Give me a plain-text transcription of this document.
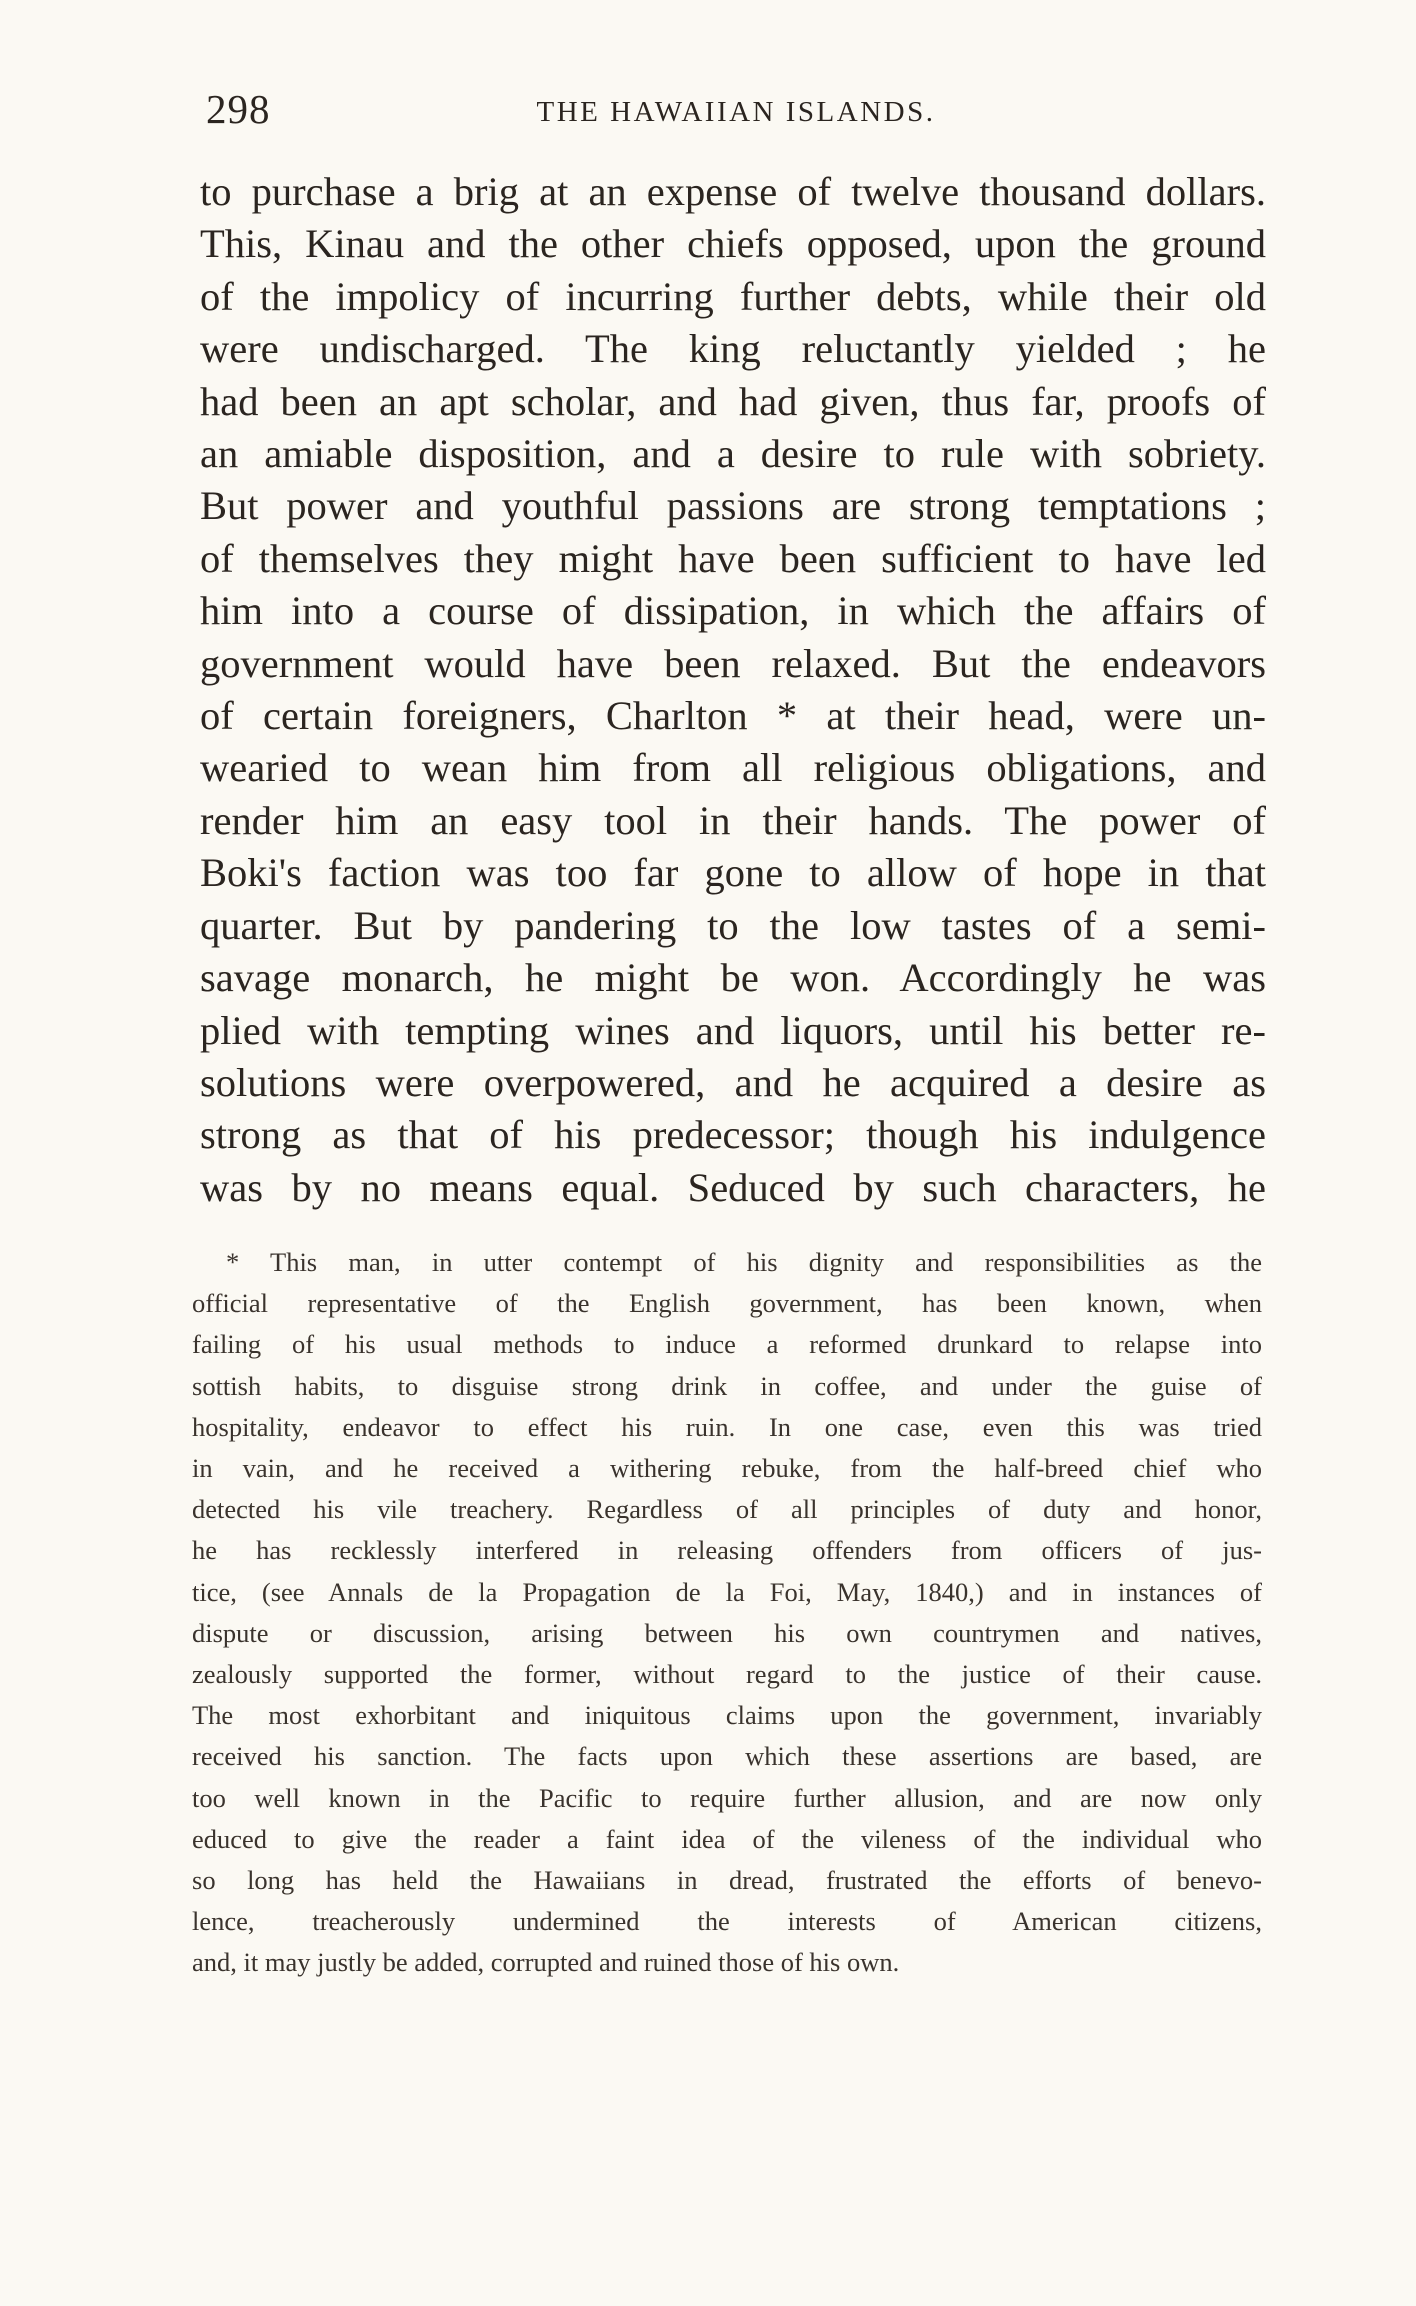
298	THE HAWAIIAN ISLANDS.
to purchase a brig at an expense of twelve thousand dollars.
This, Kinau and the other chiefs opposed, upon the ground
of the impolicy of incurring further debts, while their old
were undischarged. The king reluctantly yielded ; he
had been an apt scholar, and had given, thus far, proofs of
an amiable disposition, and a desire to rule with sobriety.
But power and youthful passions are strong temptations ;
of themselves they might have been sufficient to have led
him into a course of dissipation, in which the affairs of
government would have been relaxed. But the endeavors
of certain foreigners, Charlton * at their head, were un-
wearied to wean him from all religious obligations, and
render him an easy tool in their hands. The power of
Boki's faction was too far gone to allow of hope in that
quarter. But by pandering to the low tastes of a semi-
savage monarch, he might be won. Accordingly he was
plied with tempting wines and liquors, until his better re-
solutions were overpowered, and he acquired a desire as
strong as that of his predecessor; though his indulgence
was by no means equal. Seduced by such characters, he
* This man, in utter contempt of his dignity and responsibilities as the
official representative of the English government, has been known, when
failing of his usual methods to induce a reformed drunkard to relapse into
sottish habits, to disguise strong drink in coffee, and under the guise of
hospitality, endeavor to effect his ruin. In one case, even this was tried
in vain, and he received a withering rebuke, from the half-breed chief who
detected his vile treachery. Regardless of all principles of duty and honor,
he has recklessly interfered in releasing offenders from officers of jus-
tice, (see Annals de la Propagation de la Foi, May, 1840,) and in instances of
dispute or discussion, arising between his own countrymen and natives,
zealously supported the former, without regard to the justice of their cause.
The most exhorbitant and iniquitous claims upon the government, invariably
received his sanction. The facts upon which these assertions are based, are
too well known in the Pacific to require further allusion, and are now only
educed to give the reader a faint idea of the vileness of the individual who
so long has held the Hawaiians in dread, frustrated the efforts of benevo-
lence, treacherously undermined the interests of American citizens,
and, it may justly be added, corrupted and ruined those of his own.
